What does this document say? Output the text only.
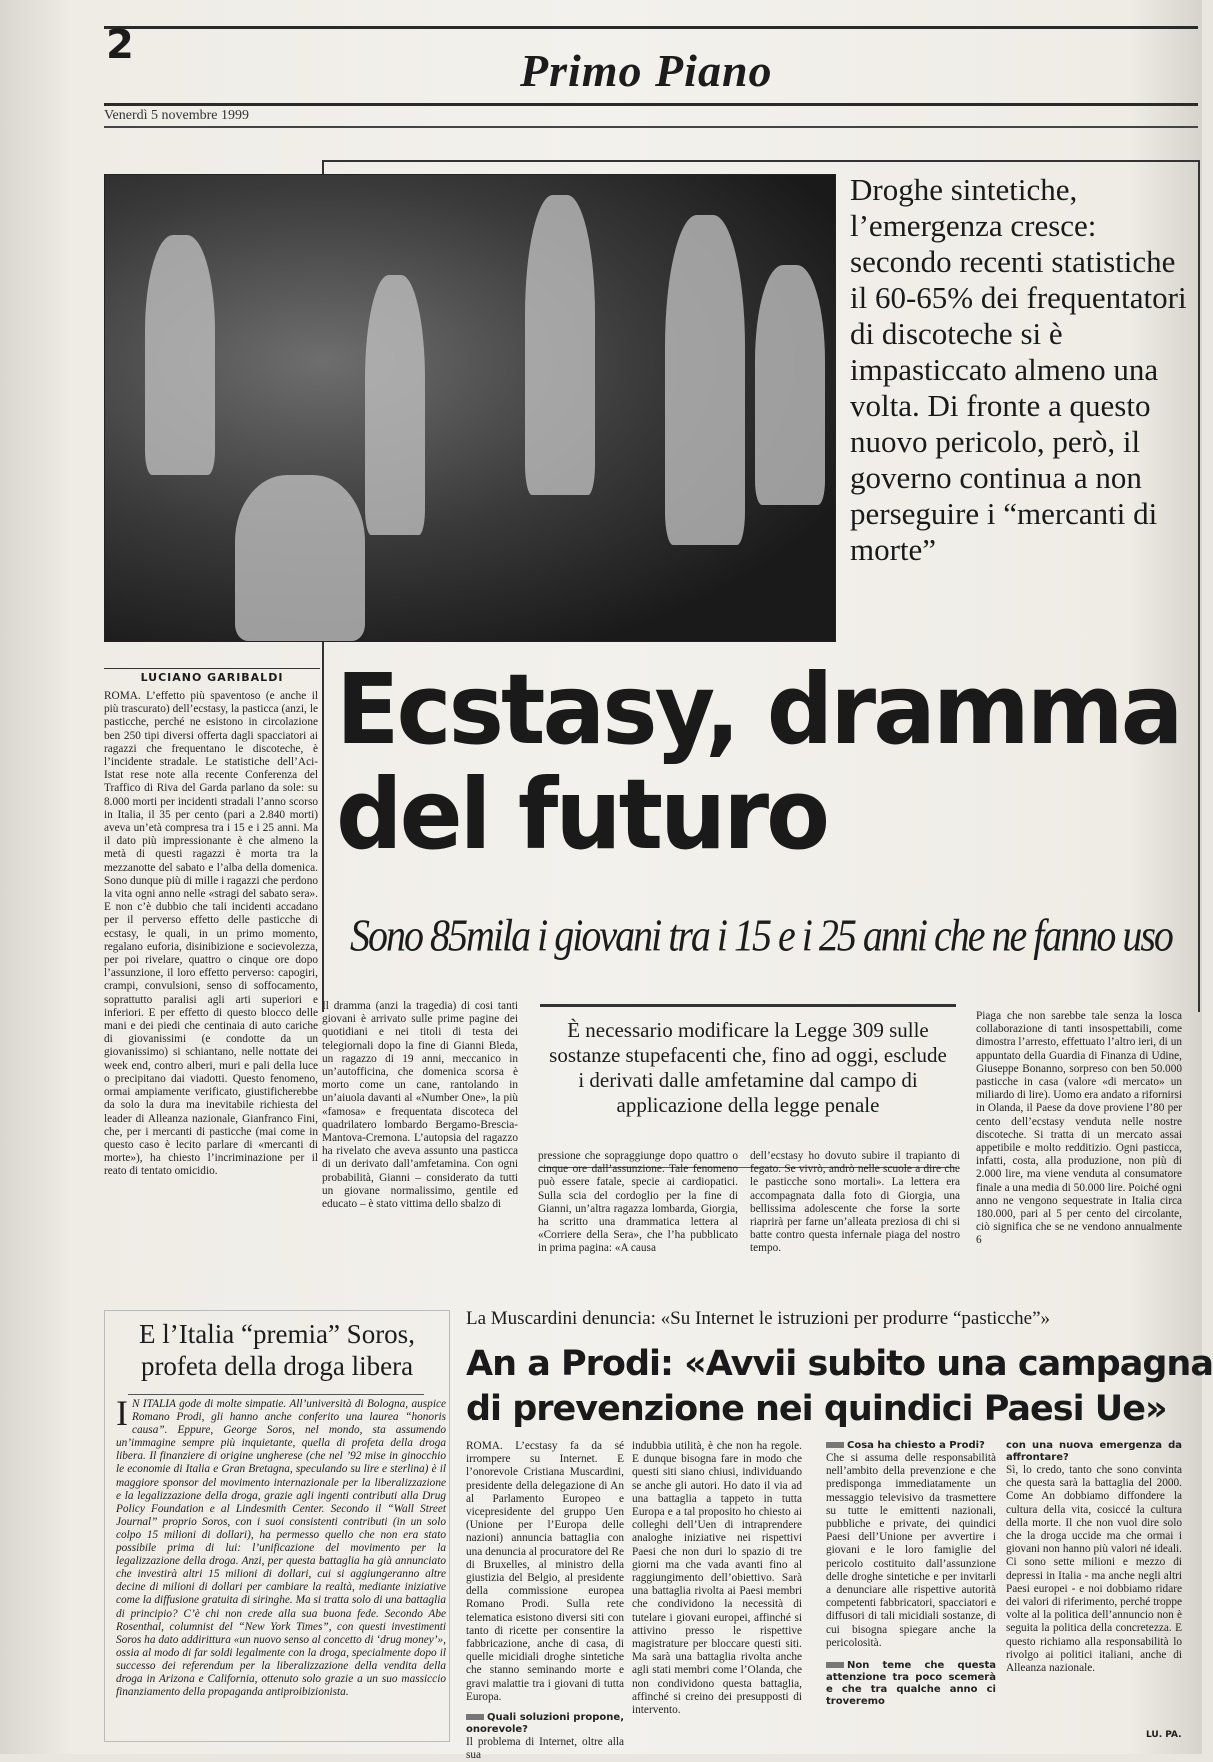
2	Primo Piano
Venerdì 5 novembre 1999
Droghe sintetiche, l’emergenza cresce: secondo recenti statistiche il 60-65% dei frequentatori di discoteche si è impasticcato almeno una volta. Di fronte a questo nuovo pericolo, però, il governo continua a non perseguire i “mercanti di morte”
LUCIANO GARIBALDI
ROMA. L’effetto più spaventoso (e anche il più trascurato) dell’ecstasy, la pasticca (anzi, le pasticche, perché ne esistono in circolazione ben 250 tipi diversi offerta dagli spacciatori ai ragazzi che frequentano le discoteche, è l’incidente stradale. Le statistiche dell’Aci-Istat rese note alla recente Conferenza del Traffico di Riva del Garda parlano da sole: su 8.000 morti per incidenti stradali l’anno scorso in Italia, il 35 per cento (pari a 2.840 morti) aveva un’età compresa tra i 15 e i 25 anni. Ma il dato più impressionante è che almeno la metà di questi ragazzi è morta tra la mezzanotte del sabato e l’alba della domenica. Sono dunque più di mille i ragazzi che perdono la vita ogni anno nelle «stragi del sabato sera». E non c’è dubbio che tali incidenti accadano per il perverso effetto delle pasticche di ecstasy, le quali, in un primo momento, regalano euforia, disinibizione e socievolezza, per poi rivelare, quattro o cinque ore dopo l’assunzione, il loro effetto perverso: capogiri, crampi, convulsioni, senso di soffocamento, soprattutto paralisi agli arti superiori e inferiori. E per effetto di questo blocco delle mani e dei piedi che centinaia di auto cariche di giovanissimi (e condotte da un giovanissimo) si schiantano, nelle nottate dei week end, contro alberi, muri e pali della luce o precipitano dai viadotti. Questo fenomeno, ormai ampiamente verificato, giustificherebbe da solo la dura ma inevitabile richiesta del leader di Alleanza nazionale, Gianfranco Fini, che, per i mercanti di pasticche (mai come in questo caso è lecito parlare di «mercanti di morte»), ha chiesto l’incriminazione per il reato di tentato omicidio.
Ecstasy, dramma
del futuro
Sono 85mila i giovani tra i 15 e i 25 anni che ne fanno uso
Il dramma (anzi la tragedia) di cosi tanti giovani è arrivato sulle prime pagine dei quotidiani e nei titoli di testa dei telegiornali dopo la fine di Gianni Bleda, un ragazzo di 19 anni, meccanico in un’autofficina, che domenica scorsa è morto come un cane, rantolando in un’aiuola davanti al «Number One», la più «famosa» e frequentata discoteca del quadrilatero lombardo Bergamo-Brescia-Mantova-Cremona. L’autopsia del ragazzo ha rivelato che aveva assunto una pasticca di un derivato dall’amfetamina. Con ogni probabilità, Gianni – considerato da tutti un giovane normalissimo, gentile ed educato – è stato vittima dello sbalzo di
È necessario modificare la Legge 309 sulle sostanze stupefacenti che, fino ad oggi, esclude i derivati dalle amfetamine dal campo di applicazione della legge penale
pressione che sopraggiunge dopo quattro o cinque ore dall’assunzione. Tale fenomeno può essere fatale, specie ai cardiopatici. Sulla scia del cordoglio per la fine di Gianni, un’altra ragazza lombarda, Giorgia, ha scritto una drammatica lettera al «Corriere della Sera», che l’ha pubblicato in prima pagina: «A causa
dell’ecstasy ho dovuto subire il trapianto di fegato. Se vivrò, andrò nelle scuole a dire che le pasticche sono mortali». La lettera era accompagnata dalla foto di Giorgia, una bellissima adolescente che forse la sorte riaprirà per farne un’alleata preziosa di chi si batte contro questa infernale piaga del nostro tempo.
Piaga che non sarebbe tale senza la losca collaborazione di tanti insospettabili, come dimostra l’arresto, effettuato l’altro ieri, di un appuntato della Guardia di Finanza di Udine, Giuseppe Bonanno, sorpreso con ben 50.000 pasticche in casa (valore «di mercato» un miliardo di lire). Uomo era andato a rifornirsi in Olanda, il Paese da dove proviene l’80 per cento dell’ecstasy venduta nelle nostre discoteche. Si tratta di un mercato assai appetibile e molto redditizio. Ogni pasticca, infatti, costa, alla produzione, non più di 2.000 lire, ma viene venduta al consumatore finale a una media di 50.000 lire. Poiché ogni anno ne vengono sequestrate in Italia circa 180.000, pari al 5 per cento del circolante, ciò significa che se ne vendono annualmente 6
E l’Italia “premia” Soros, profeta della droga libera
I N ITALIA gode di molte simpatie. All’università di Bologna, auspice Romano Prodi, gli hanno anche conferito una laurea “honoris causa”. Eppure, George Soros, nel mondo, sta assumendo un’immagine sempre più inquietante, quella di profeta della droga libera. Il finanziere di origine ungherese (che nel ’92 mise in ginocchio le economie di Italia e Gran Bretagna, speculando su lire e sterlina) è il maggiore sponsor del movimento internazionale per la liberalizzazione e la legalizzazione della droga, grazie agli ingenti contributi alla Drug Policy Foundation e al Lindesmith Center. Secondo il “Wall Street Journal” proprio Soros, con i suoi consistenti contributi (in un solo colpo 15 milioni di dollari), ha permesso quello che non era stato possibile prima di lui: l’unificazione del movimento per la legalizzazione della droga. Anzi, per questa battaglia ha già annunciato che investirà altri 15 milioni di dollari, cui si aggiungeranno altre decine di milioni di dollari per cambiare la realtà, mediante iniziative come la diffusione gratuita di siringhe. Ma si tratta solo di una battaglia di principio? C’è chi non crede alla sua buona fede. Secondo Abe Rosenthal, columnist del “New York Times”, con questi investimenti Soros ha dato addirittura «un nuovo senso al concetto di ‘drug money’», ossia al modo di far soldi legalmente con la droga, specialmente dopo il successo dei referendum per la liberalizzazione della vendita della droga in Arizona e California, ottenuto solo grazie a un suo massiccio finanziamento della propaganda antiproibizionista.
La Muscardini denuncia: «Su Internet le istruzioni per produrre “pasticche”»
An a Prodi: «Avvii subito una campagna
di prevenzione nei quindici Paesi Ue»
ROMA. L’ecstasy fa da sé irrompere su Internet. E l’onorevole Cristiana Muscardini, presidente della delegazione di An al Parlamento Europeo e vicepresidente del gruppo Uen (Unione per l’Europa delle nazioni) annuncia battaglia con una denuncia al procuratore del Re di Bruxelles, al ministro della giustizia del Belgio, al presidente della commissione europea Romano Prodi. Sulla rete telematica esistono diversi siti con tanto di ricette per consentire la fabbricazione, anche di casa, di quelle micidiali droghe sintetiche che stanno seminando morte e gravi malattie tra i giovani di tutta Europa.
Quali soluzioni propone, onorevole?
Il problema di Internet, oltre alla sua
indubbia utilità, è che non ha regole. E dunque bisogna fare in modo che questi siti siano chiusi, individuando se anche gli autori. Ho dato il via ad una battaglia a tappeto in tutta Europa e a tal proposito ho chiesto ai colleghi dell’Uen di intraprendere analoghe iniziative nei rispettivi Paesi che non duri lo spazio di tre giorni ma che vada avanti fino al raggiungimento dell’obiettivo. Sarà una battaglia rivolta ai Paesi membri che condividono la necessità di tutelare i giovani europei, affinché si attivino presso le rispettive magistrature per bloccare questi siti. Ma sarà una battaglia rivolta anche agli stati membri come l’Olanda, che non condividono questa battaglia, affinché si creino dei presupposti di intervento.
Cosa ha chiesto a Prodi?
Che si assuma delle responsabilità nell’ambito della prevenzione e che predisponga immediatamente un messaggio televisivo da trasmettere su tutte le emittenti nazionali, pubbliche e private, dei quindici Paesi dell’Unione per avvertire i giovani e le loro famiglie del pericolo costituito dall’assunzione delle droghe sintetiche e per invitarli a denunciare alle rispettive autorità competenti fabbricatori, spacciatori e diffusori di tali micidiali sostanze, di cui bisogna spiegare anche la pericolosità.
Non teme che questa attenzione tra poco scemerà e che tra qualche anno ci troveremo
con una nuova emergenza da affrontare?
Sì, lo credo, tanto che sono convinta che questa sarà la battaglia del 2000. Come An dobbiamo diffondere la cultura della vita, cosiccé la cultura della morte. Il che non vuol dire solo che la droga uccide ma che ormai i giovani non hanno più valori né ideali. Ci sono sette milioni e mezzo di depressi in Italia - ma anche negli altri Paesi europei - e noi dobbiamo ridare dei valori di riferimento, perché troppe volte al la politica dell’annuncio non è seguita la politica della concretezza. E questo richiamo alla responsabilità lo rivolgo ai politici italiani, anche di Alleanza nazionale.
LU. PA.
